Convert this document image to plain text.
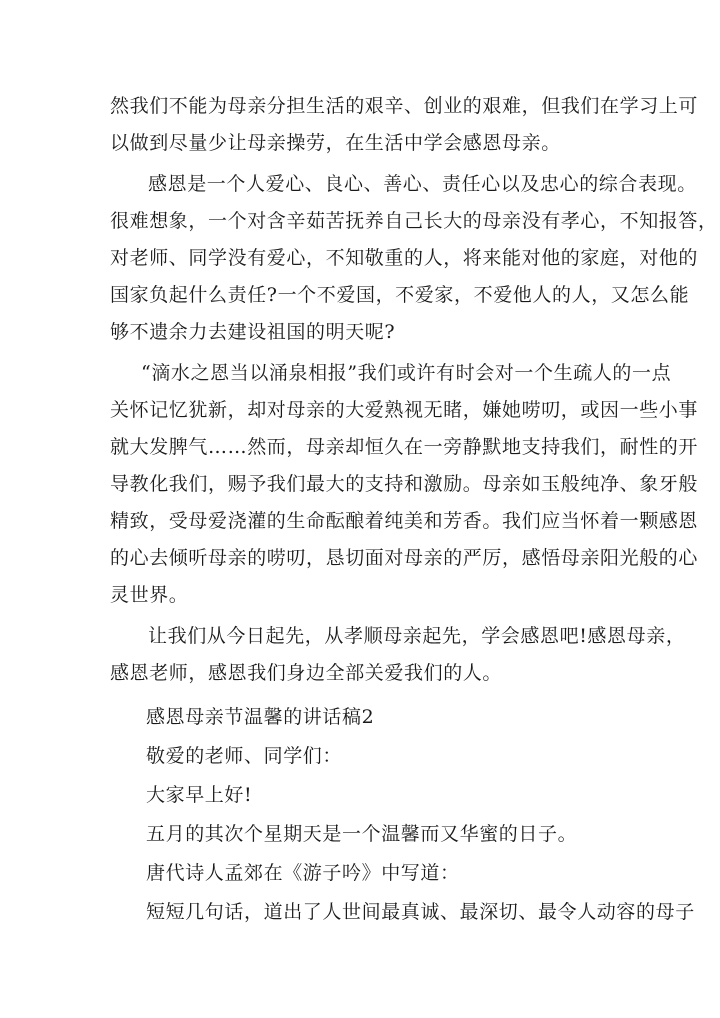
然我们不能为母亲分担生活的艰辛、创业的艰难，但我们在学习上可
以做到尽量少让母亲操劳，在生活中学会感恩母亲。
感恩是一个人爱心、良心、善心、责任心以及忠心的综合表现。
很难想象，一个对含辛茹苦抚养自己长大的母亲没有孝心，不知报答，
对老师、同学没有爱心，不知敬重的人，将来能对他的家庭，对他的
国家负起什么责任?一个不爱国，不爱家，不爱他人的人，又怎么能
够不遗余力去建设祖国的明天呢?
“滴水之恩当以涌泉相报”我们或许有时会对一个生疏人的一点
关怀记忆犹新，却对母亲的大爱熟视无睹，嫌她唠叨，或因一些小事
就大发脾气……然而，母亲却恒久在一旁静默地支持我们，耐性的开
导教化我们，赐予我们最大的支持和激励。母亲如玉般纯净、象牙般
精致，受母爱浇灌的生命酝酿着纯美和芳香。我们应当怀着一颗感恩
的心去倾听母亲的唠叨，恳切面对母亲的严厉，感悟母亲阳光般的心
灵世界。
让我们从今日起先，从孝顺母亲起先，学会感恩吧!感恩母亲，
感恩老师，感恩我们身边全部关爱我们的人。
感恩母亲节温馨的讲话稿2
敬爱的老师、同学们：
大家早上好!
五月的其次个星期天是一个温馨而又华蜜的日子。
唐代诗人孟郊在《游子吟》中写道：
短短几句话，道出了人世间最真诚、最深切、最令人动容的母子
